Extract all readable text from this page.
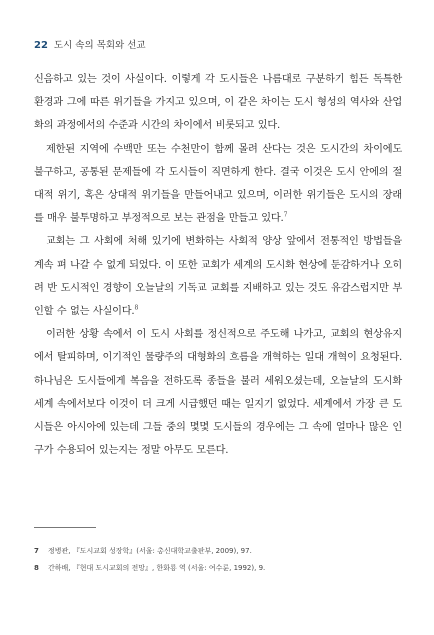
22 도시 속의 목회와 선교

신음하고 있는 것이 사실이다. 이렇게 각 도시들은 나름대로 구분하기 힘든 독특한 환경과 그에 따른 위기들을 가지고 있으며, 이 같은 차이는 도시 형성의 역사와 산업화의 과정에서의 수준과 시간의 차이에서 비롯되고 있다.

제한된 지역에 수백만 또는 수천만이 함께 몰려 산다는 것은 도시간의 차이에도 불구하고, 공통된 문제들에 각 도시들이 직면하게 한다. 결국 이것은 도시 안에의 절대적 위기, 혹은 상대적 위기들을 만들어내고 있으며, 이러한 위기들은 도시의 장래를 매우 불투명하고 부정적으로 보는 관점을 만들고 있다.$^7$

교회는 그 사회에 처해 있기에 변화하는 사회적 양상 앞에서 전통적인 방법들을 계속 펴 나갈 수 없게 되었다. 이 또한 교회가 세계의 도시화 현상에 둔감하거나 오히려 반 도시적인 경향이 오늘날의 기독교 교회를 지배하고 있는 것도 유감스럽지만 부인할 수 없는 사실이다.$^8$

이러한 상황 속에서 이 도시 사회를 정신적으로 주도해 나가고, 교회의 현상유지에서 탈피하며, 이기적인 물량주의 대형화의 흐름을 개혁하는 일대 개혁이 요청된다. 하나님은 도시들에게 복음을 전하도록 종들을 불러 세워오셨는데, 오늘날의 도시화 세계 속에서보다 이것이 더 크게 시급했던 때는 일지기 없었다. 세계에서 가장 큰 도시들은 아시아에 있는데 그들 중의 몇몇 도시들의 경우에는 그 속에 얼마나 많은 인구가 수용되어 있는지는 정말 아무도 모른다.

7 정병관, 『도시교회 성장학』(서울: 총신대학교출판부, 2009), 97.
8 간하배, 『현대 도시교회의 전망』, 한화룡 역 (서울: 여수룬, 1992), 9.
